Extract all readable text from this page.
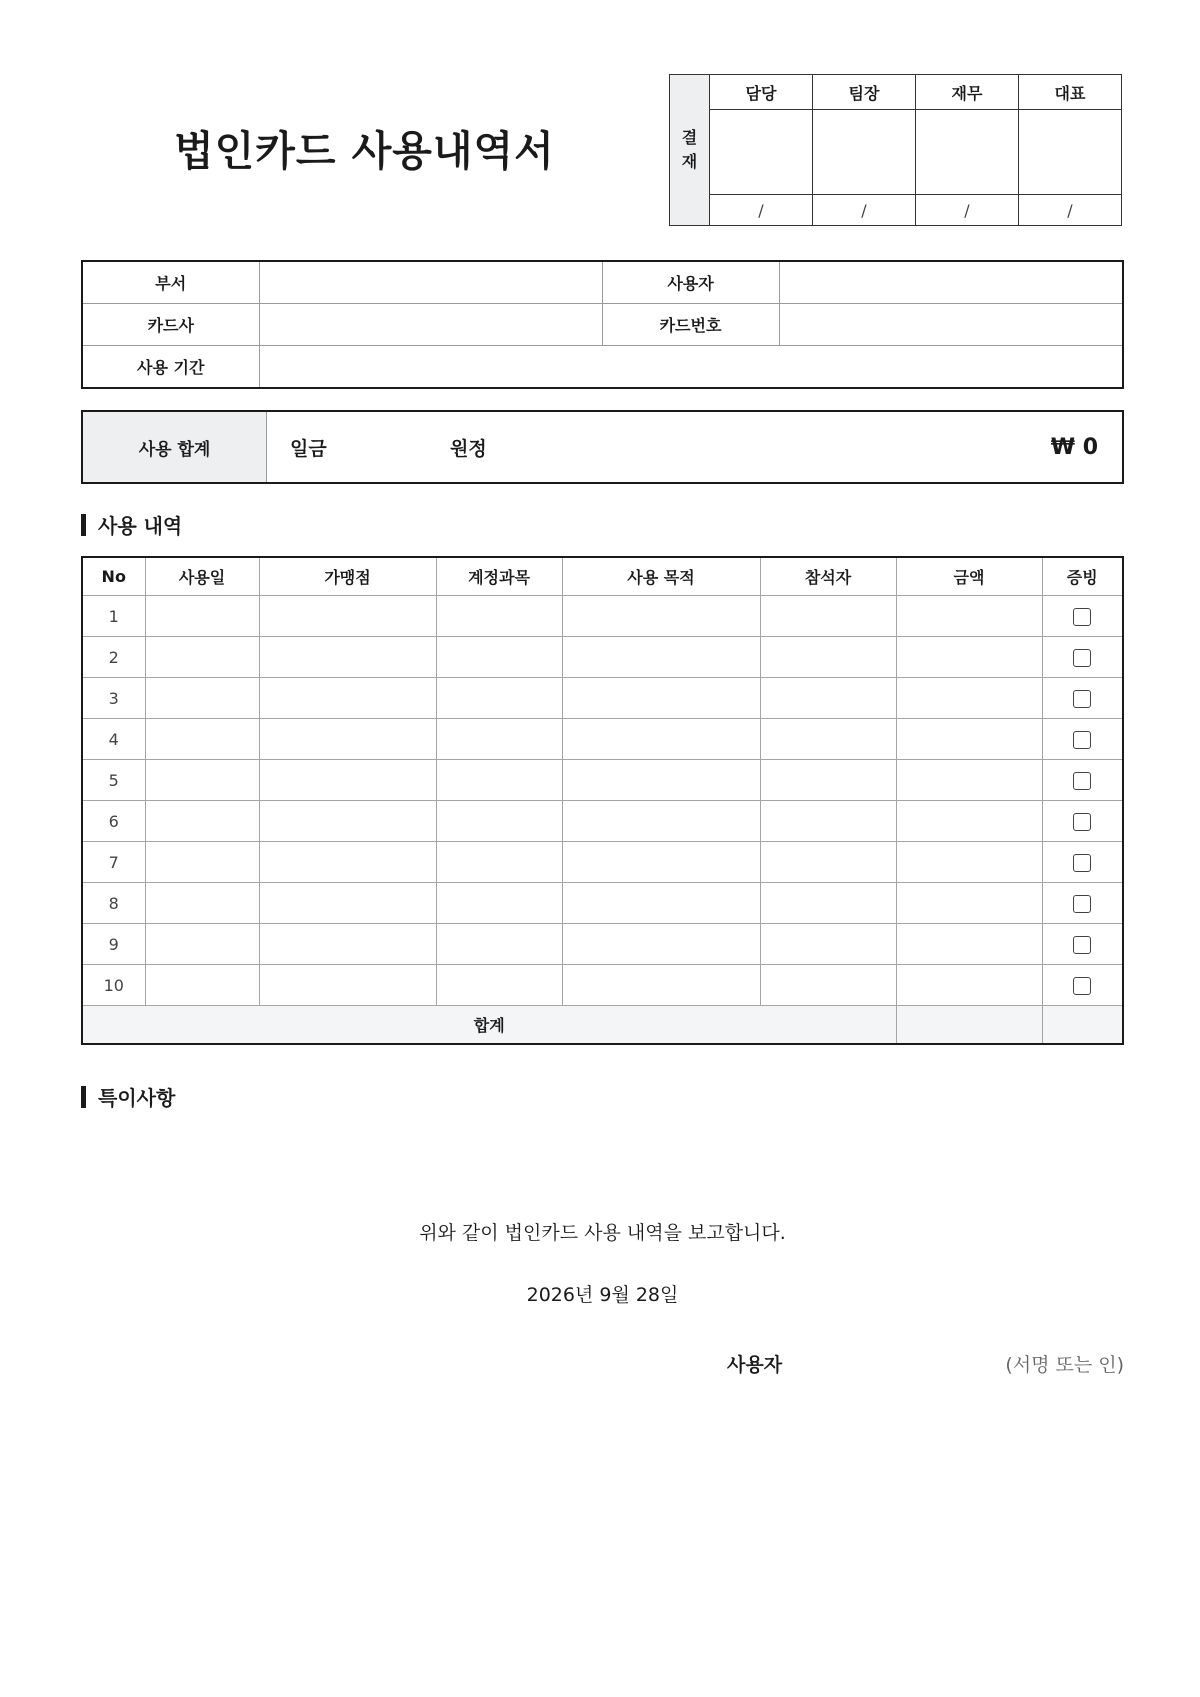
법인카드 사용내역서	결
재	담당	팀장	재무	대표

	/	/	/	/
부서		사용자	
카드사		카드번호	
사용 기간			
사용 합계	일금	원정	₩ 0
사용 내역
No	사용일	가맹점	계정과목	사용 목적	참석자	금액	증빙
1							
2							
3							
4							
5							
6							
7							
8							
9							
10							
합계							
특이사항
위와 같이 법인카드 사용 내역을 보고합니다.
2026년 9월 28일
사용자	(서명 또는 인)
